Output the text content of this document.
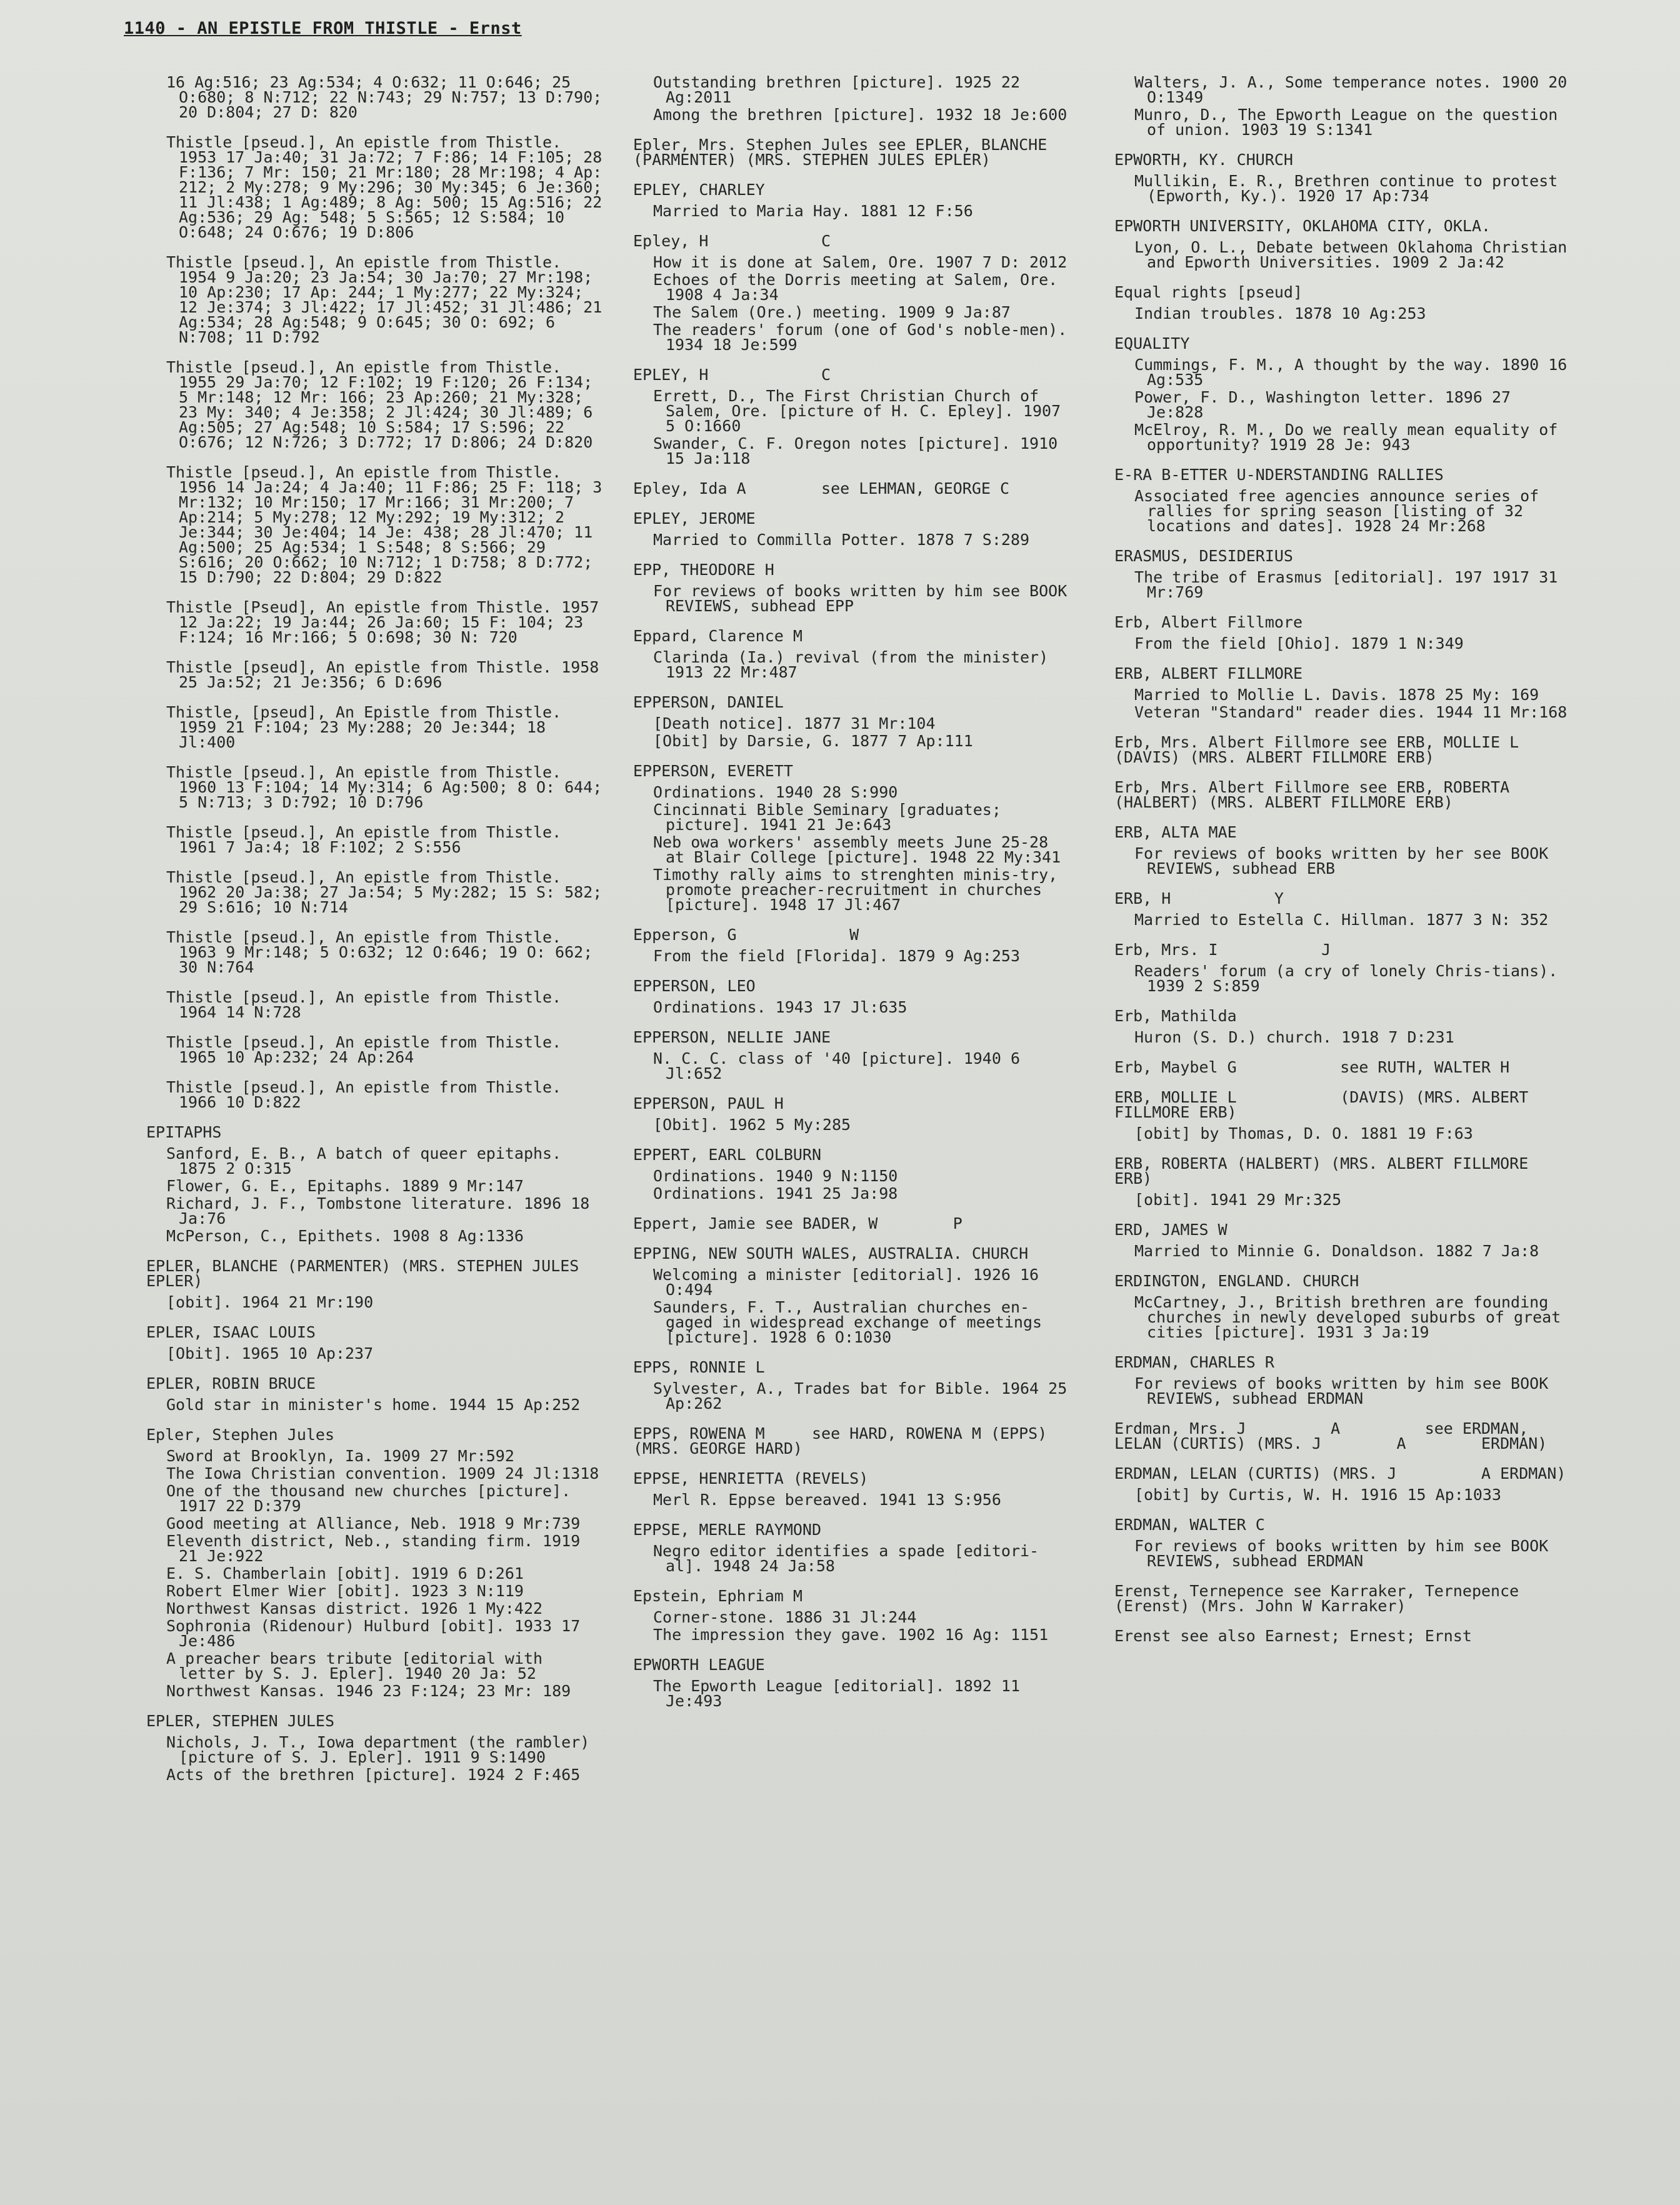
1140 - AN EPISTLE FROM THISTLE - Ernst
16 Ag:516; 23 Ag:534; 4 O:632; 11 O:646; 25 O:680; 8 N:712; 22 N:743; 29 N:757; 13 D:790; 20 D:804; 27 D: 820
Thistle [pseud.], An epistle from Thistle. 1953 17 Ja:40; 31 Ja:72; 7 F:86; 14 F:105; 28 F:136; 7 Mr: 150; 21 Mr:180; 28 Mr:198; 4 Ap: 212; 2 My:278; 9 My:296; 30 My:345; 6 Je:360; 11 Jl:438; 1 Ag:489; 8 Ag: 500; 15 Ag:516; 22 Ag:536; 29 Ag: 548; 5 S:565; 12 S:584; 10 O:648; 24 O:676; 19 D:806
Thistle [pseud.], An epistle from Thistle. 1954 9 Ja:20; 23 Ja:54; 30 Ja:70; 27 Mr:198; 10 Ap:230; 17 Ap: 244; 1 My:277; 22 My:324; 12 Je:374; 3 Jl:422; 17 Jl:452; 31 Jl:486; 21 Ag:534; 28 Ag:548; 9 O:645; 30 O: 692; 6 N:708; 11 D:792
Thistle [pseud.], An epistle from Thistle. 1955 29 Ja:70; 12 F:102; 19 F:120; 26 F:134; 5 Mr:148; 12 Mr: 166; 23 Ap:260; 21 My:328; 23 My: 340; 4 Je:358; 2 Jl:424; 30 Jl:489; 6 Ag:505; 27 Ag:548; 10 S:584; 17 S:596; 22 O:676; 12 N:726; 3 D:772; 17 D:806; 24 D:820
Thistle [pseud.], An epistle from Thistle. 1956 14 Ja:24; 4 Ja:40; 11 F:86; 25 F: 118; 3 Mr:132; 10 Mr:150; 17 Mr:166; 31 Mr:200; 7 Ap:214; 5 My:278; 12 My:292; 19 My:312; 2 Je:344; 30 Je:404; 14 Je: 438; 28 Jl:470; 11 Ag:500; 25 Ag:534; 1 S:548; 8 S:566; 29 S:616; 20 O:662; 10 N:712; 1 D:758; 8 D:772; 15 D:790; 22 D:804; 29 D:822
Thistle [Pseud], An epistle from Thistle. 1957 12 Ja:22; 19 Ja:44; 26 Ja:60; 15 F: 104; 23 F:124; 16 Mr:166; 5 O:698; 30 N: 720
Thistle [pseud], An epistle from Thistle. 1958 25 Ja:52; 21 Je:356; 6 D:696
Thistle, [pseud], An Epistle from Thistle. 1959 21 F:104; 23 My:288; 20 Je:344; 18 Jl:400
Thistle [pseud.], An epistle from Thistle. 1960 13 F:104; 14 My:314; 6 Ag:500; 8 O: 644; 5 N:713; 3 D:792; 10 D:796
Thistle [pseud.], An epistle from Thistle. 1961 7 Ja:4; 18 F:102; 2 S:556
Thistle [pseud.], An epistle from Thistle. 1962 20 Ja:38; 27 Ja:54; 5 My:282; 15 S: 582; 29 S:616; 10 N:714
Thistle [pseud.], An epistle from Thistle. 1963 9 Mr:148; 5 O:632; 12 O:646; 19 O: 662; 30 N:764
Thistle [pseud.], An epistle from Thistle. 1964 14 N:728
Thistle [pseud.], An epistle from Thistle. 1965 10 Ap:232; 24 Ap:264
Thistle [pseud.], An epistle from Thistle. 1966 10 D:822
EPITAPHS
Sanford, E. B., A batch of queer epitaphs. 1875 2 O:315
Flower, G. E., Epitaphs. 1889 9 Mr:147
Richard, J. F., Tombstone literature. 1896 18 Ja:76
McPerson, C., Epithets. 1908 8 Ag:1336
EPLER, BLANCHE (PARMENTER) (MRS. STEPHEN JULES EPLER)
[obit]. 1964 21 Mr:190
EPLER, ISAAC LOUIS
[Obit]. 1965 10 Ap:237
EPLER, ROBIN BRUCE
Gold star in minister's home. 1944 15 Ap:252
Epler, Stephen Jules
Sword at Brooklyn, Ia. 1909 27 Mr:592
The Iowa Christian convention. 1909 24 Jl:1318
One of the thousand new churches [picture]. 1917 22 D:379
Good meeting at Alliance, Neb. 1918 9 Mr:739
Eleventh district, Neb., standing firm. 1919 21 Je:922
E. S. Chamberlain [obit]. 1919 6 D:261
Robert Elmer Wier [obit]. 1923 3 N:119
Northwest Kansas district. 1926 1 My:422
Sophronia (Ridenour) Hulburd [obit]. 1933 17 Je:486
A preacher bears tribute [editorial with letter by S. J. Epler]. 1940 20 Ja: 52
Northwest Kansas. 1946 23 F:124; 23 Mr: 189
EPLER, STEPHEN JULES
Nichols, J. T., Iowa department (the rambler) [picture of S. J. Epler]. 1911 9 S:1490
Acts of the brethren [picture]. 1924 2 F:465
Outstanding brethren [picture]. 1925 22 Ag:2011
Among the brethren [picture]. 1932 18 Je:600
Epler, Mrs. Stephen Jules see EPLER, BLANCHE (PARMENTER) (MRS. STEPHEN JULES EPLER)
EPLEY, CHARLEY
Married to Maria Hay. 1881 12 F:56
Epley, H            C
How it is done at Salem, Ore. 1907 7 D: 2012
Echoes of the Dorris meeting at Salem, Ore. 1908 4 Ja:34
The Salem (Ore.) meeting. 1909 9 Ja:87
The readers' forum (one of God's noble-men). 1934 18 Je:599
EPLEY, H            C
Errett, D., The First Christian Church of Salem, Ore. [picture of H. C. Epley]. 1907 5 O:1660
Swander, C. F. Oregon notes [picture]. 1910 15 Ja:118
Epley, Ida A        see LEHMAN, GEORGE C
EPLEY, JEROME
Married to Commilla Potter. 1878 7 S:289
EPP, THEODORE H
For reviews of books written by him see BOOK REVIEWS, subhead EPP
Eppard, Clarence M
Clarinda (Ia.) revival (from the minister) 1913 22 Mr:487
EPPERSON, DANIEL
[Death notice]. 1877 31 Mr:104
[Obit] by Darsie, G. 1877 7 Ap:111
EPPERSON, EVERETT
Ordinations. 1940 28 S:990
Cincinnati Bible Seminary [graduates; picture]. 1941 21 Je:643
Neb owa workers' assembly meets June 25-28 at Blair College [picture]. 1948 22 My:341
Timothy rally aims to strenghten minis-try, promote preacher-recruitment in churches [picture]. 1948 17 Jl:467
Epperson, G            W
From the field [Florida]. 1879 9 Ag:253
EPPERSON, LEO
Ordinations. 1943 17 Jl:635
EPPERSON, NELLIE JANE
N. C. C. class of '40 [picture]. 1940 6 Jl:652
EPPERSON, PAUL H
[Obit]. 1962 5 My:285
EPPERT, EARL COLBURN
Ordinations. 1940 9 N:1150
Ordinations. 1941 25 Ja:98
Eppert, Jamie see BADER, W        P
EPPING, NEW SOUTH WALES, AUSTRALIA. CHURCH
Welcoming a minister [editorial]. 1926 16 O:494
Saunders, F. T., Australian churches en-gaged in widespread exchange of meetings [picture]. 1928 6 O:1030
EPPS, RONNIE L
Sylvester, A., Trades bat for Bible. 1964 25 Ap:262
EPPS, ROWENA M     see HARD, ROWENA M (EPPS) (MRS. GEORGE HARD)
EPPSE, HENRIETTA (REVELS)
Merl R. Eppse bereaved. 1941 13 S:956
EPPSE, MERLE RAYMOND
Negro editor identifies a spade [editori-al]. 1948 24 Ja:58
Epstein, Ephriam M
Corner-stone. 1886 31 Jl:244
The impression they gave. 1902 16 Ag: 1151
EPWORTH LEAGUE
The Epworth League [editorial]. 1892 11 Je:493
Walters, J. A., Some temperance notes. 1900 20 O:1349
Munro, D., The Epworth League on the question of union. 1903 19 S:1341
EPWORTH, KY. CHURCH
Mullikin, E. R., Brethren continue to protest (Epworth, Ky.). 1920 17 Ap:734
EPWORTH UNIVERSITY, OKLAHOMA CITY, OKLA.
Lyon, O. L., Debate between Oklahoma Christian and Epworth Universities. 1909 2 Ja:42
Equal rights [pseud]
Indian troubles. 1878 10 Ag:253
EQUALITY
Cummings, F. M., A thought by the way. 1890 16 Ag:535
Power, F. D., Washington letter. 1896 27 Je:828
McElroy, R. M., Do we really mean equality of opportunity? 1919 28 Je: 943
E-RA B-ETTER U-NDERSTANDING RALLIES
Associated free agencies announce series of rallies for spring season [listing of 32 locations and dates]. 1928 24 Mr:268
ERASMUS, DESIDERIUS
The tribe of Erasmus [editorial]. 197 1917 31 Mr:769
Erb, Albert Fillmore
From the field [Ohio]. 1879 1 N:349
ERB, ALBERT FILLMORE
Married to Mollie L. Davis. 1878 25 My: 169
Veteran "Standard" reader dies. 1944 11 Mr:168
Erb, Mrs. Albert Fillmore see ERB, MOLLIE L           (DAVIS) (MRS. ALBERT FILLMORE ERB)
Erb, Mrs. Albert Fillmore see ERB, ROBERTA (HALBERT) (MRS. ALBERT FILLMORE ERB)
ERB, ALTA MAE
For reviews of books written by her see BOOK REVIEWS, subhead ERB
ERB, H           Y
Married to Estella C. Hillman. 1877 3 N: 352
Erb, Mrs. I           J
Readers' forum (a cry of lonely Chris-tians). 1939 2 S:859
Erb, Mathilda
Huron (S. D.) church. 1918 7 D:231
Erb, Maybel G           see RUTH, WALTER H
ERB, MOLLIE L           (DAVIS) (MRS. ALBERT FILLMORE ERB)
[obit] by Thomas, D. O. 1881 19 F:63
ERB, ROBERTA (HALBERT) (MRS. ALBERT FILLMORE ERB)
[obit]. 1941 29 Mr:325
ERD, JAMES W
Married to Minnie G. Donaldson. 1882 7 Ja:8
ERDINGTON, ENGLAND. CHURCH
McCartney, J., British brethren are founding churches in newly developed suburbs of great cities [picture]. 1931 3 Ja:19
ERDMAN, CHARLES R
For reviews of books written by him see BOOK REVIEWS, subhead ERDMAN
Erdman, Mrs. J         A         see ERDMAN, LELAN (CURTIS) (MRS. J        A        ERDMAN)
ERDMAN, LELAN (CURTIS) (MRS. J         A ERDMAN)
[obit] by Curtis, W. H. 1916 15 Ap:1033
ERDMAN, WALTER C
For reviews of books written by him see BOOK REVIEWS, subhead ERDMAN
Erenst, Ternepence see Karraker, Ternepence (Erenst) (Mrs. John W Karraker)
Erenst see also Earnest; Ernest; Ernst
